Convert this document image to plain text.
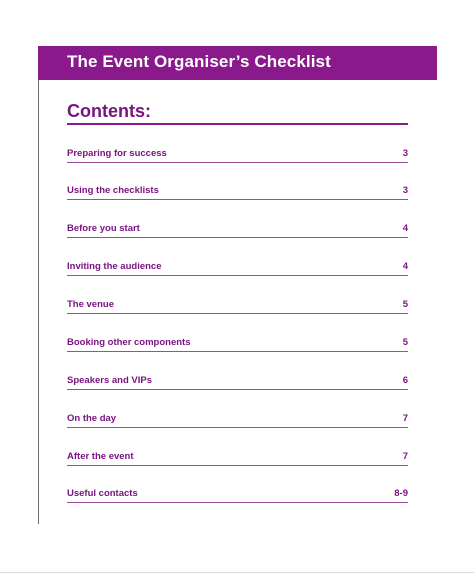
The Event Organiser’s Checklist
Contents:
Preparing for success	3
Using the checklists	3
Before you start	4
Inviting the audience	4
The venue	5
Booking other components	5
Speakers and VIPs	6
On the day	7
After the event	7
Useful contacts	8-9
